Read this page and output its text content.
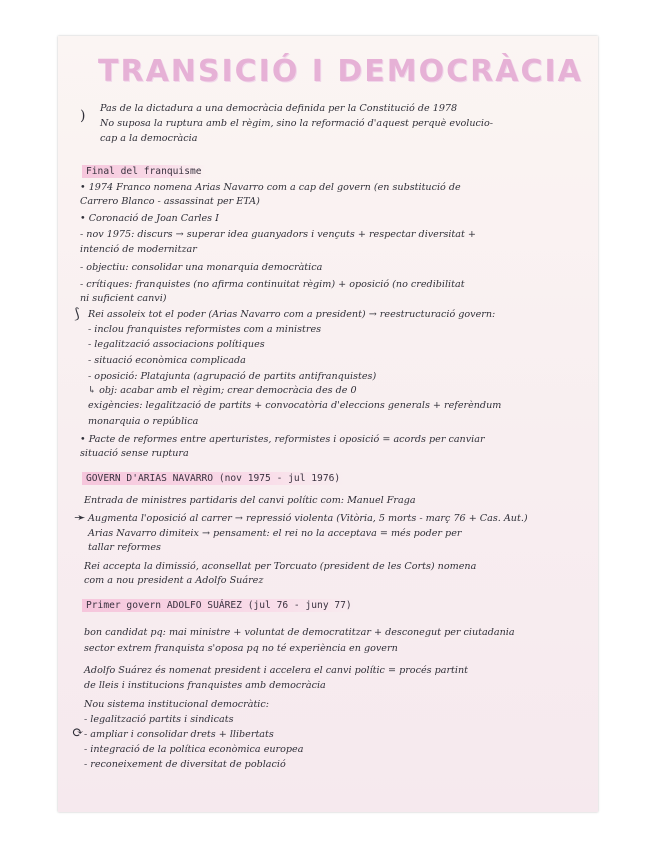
TRANSICIÓ I DEMOCRÀCIA
) Pas de la dictadura a una democràcia definida per la Constitució de 1978
No suposa la ruptura amb el règim, sino la reformació d'aquest perquè evolucio-
cap a la democràcia
Final del franquisme
• 1974 Franco nomena Arias Navarro com a cap del govern (en substitució de
Carrero Blanco - assassinat per ETA)
• Coronació de Joan Carles I
- nov 1975: discurs → superar idea guanyadors i vençuts + respectar diversitat +
intenció de modernitzar
- objectiu: consolidar una monarquia democràtica
- crítiques: franquistes (no afirma continuitat règim) + oposició (no credibilitat
ni suficient canvi)
⟆ Rei assoleix tot el poder (Arias Navarro com a president) → reestructuració govern:
- inclou franquistes reformistes com a ministres
- legalització associacions polítiques
- situació econòmica complicada
- oposició: Platajunta (agrupació de partits antifranquistes)
↳ obj: acabar amb el règim; crear democràcia des de 0
exigències: legalització de partits + convocatòria d'eleccions generals + referèndum
monarquia o república
• Pacte de reformes entre aperturistes, reformistes i oposició = acords per canviar
situació sense ruptura
GOVERN D'ARIAS NAVARRO (nov 1975 - jul 1976)
Entrada de ministres partidaris del canvi polític com: Manuel Fraga
➛ Augmenta l'oposició al carrer → repressió violenta (Vitòria, 5 morts - març 76 + Cas. Aut.)
Arias Navarro dimiteix → pensament: el rei no la acceptava = més poder per
tallar reformes
Rei accepta la dimissió, aconsellat per Torcuato (president de les Corts) nomena
com a nou president a Adolfo Suárez
Primer govern ADOLFO SUÁREZ (jul 76 - juny 77)
bon candidat pq: mai ministre + voluntat de democratitzar + desconegut per ciutadania
sector extrem franquista s'oposa pq no té experiència en govern
Adolfo Suárez és nomenat president i accelera el canvi polític = procés partint
de lleis i institucions franquistes amb democràcia
Nou sistema institucional democràtic:
- legalització partits i sindicats
⟳ - ampliar i consolidar drets + llibertats
- integració de la política econòmica europea
- reconeixement de diversitat de població
